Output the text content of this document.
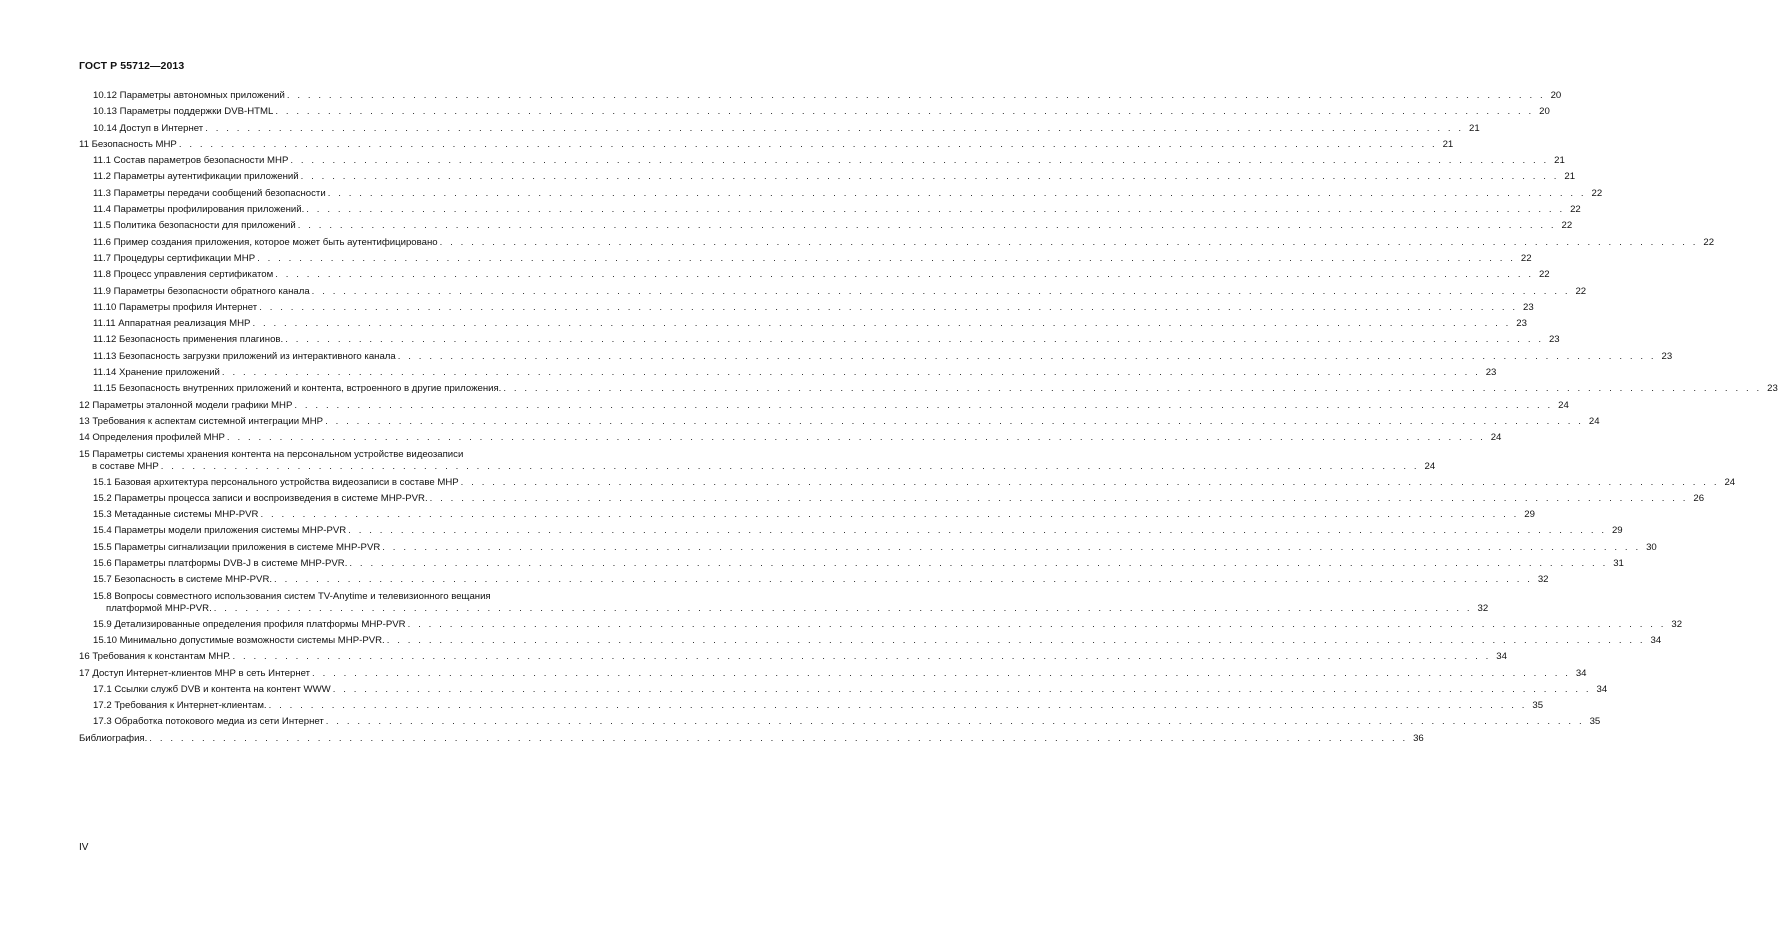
ГОСТ Р 55712—2013
10.12 Параметры автономных приложений . . . . . . . . . . . . . . . . . . . . . . . . . . . . . . . . . . . . . . . . . . . . . . . . . . . . . . . . . . . . . . . . . . . . . . . . . . . . . . . . . . . . . . . . . . . . . . . . . . . . . . . . . . . . . . . . . . . . . . . . 20
10.13 Параметры поддержки DVB-HTML . . . . . . . . . . . . . . . . . . . . . . . . . . . . . . . . . . . . . . . . . . . . . . . . . . . . . . . . . . . . . . . . . . . . . . . . . . . . . . . . . . . . . . . . . . . . . . . . . . . . . . . . . . . . . . . . . . . . . . . . 20
10.14 Доступ в Интернет . . . . . . . . . . . . . . . . . . . . . . . . . . . . . . . . . . . . . . . . . . . . . . . . . . . . . . . . . . . . . . . . . . . . . . . . . . . . . . . . . . . . . . . . . . . . . . . . . . . . . . . . . . . . . . . . . . . . . . . . 21
11 Безопасность МНР . . . . . . . . . . . . . . . . . . . . . . . . . . . . . . . . . . . . . . . . . . . . . . . . . . . . . . . . . . . . . . . . . . . . . . . . . . . . . . . . . . . . . . . . . . . . . . . . . . . . . . . . . . . . . . . . . . . . . . . . 21
11.1 Состав параметров безопасности МНР . . . . . . . . . . . . . . . . . . . . . . . . . . . . . . . . . . . . . . . . . . . . . . . . . . . . . . . . . . . . . . . . . . . . . . . . . . . . . . . . . . . . . . . . . . . . . . . . . . . . . . . . . . . . . . . . . . . . . . . . 21
11.2 Параметры аутентификации приложений . . . . . . . . . . . . . . . . . . . . . . . . . . . . . . . . . . . . . . . . . . . . . . . . . . . . . . . . . . . . . . . . . . . . . . . . . . . . . . . . . . . . . . . . . . . . . . . . . . . . . . . . . . . . . . . . . . . . . . . . 21
11.3 Параметры передачи сообщений безопасности . . . . . . . . . . . . . . . . . . . . . . . . . . . . . . . . . . . . . . . . . . . . . . . . . . . . . . . . . . . . . . . . . . . . . . . . . . . . . . . . . . . . . . . . . . . . . . . . . . . . . . . . . . . . . . . . . . . . . . . . 22
11.4 Параметры профилирования приложений. . . . . . . . . . . . . . . . . . . . . . . . . . . . . . . . . . . . . . . . . . . . . . . . . . . . . . . . . . . . . . . . . . . . . . . . . . . . . . . . . . . . . . . . . . . . . . . . . . . . . . . . . . . . . . . . . . . . . . . . . 22
11.5 Политика безопасности для приложений . . . . . . . . . . . . . . . . . . . . . . . . . . . . . . . . . . . . . . . . . . . . . . . . . . . . . . . . . . . . . . . . . . . . . . . . . . . . . . . . . . . . . . . . . . . . . . . . . . . . . . . . . . . . . . . . . . . . . . . . 22
11.6 Пример создания приложения, которое может быть аутентифицировано . . . . . . . . . . . . . . . . . . . . . . . . . . . . . . . . . . . . . . . . . . . . . . . . . . . . . . . . . . . . . . . . . . . . . . . . . . . . . . . . . . . . . . . . . . . . . . . . . . . . . . . . . . . . . . . . . . . . . . . . 22
11.7 Процедуры сертификации МНР . . . . . . . . . . . . . . . . . . . . . . . . . . . . . . . . . . . . . . . . . . . . . . . . . . . . . . . . . . . . . . . . . . . . . . . . . . . . . . . . . . . . . . . . . . . . . . . . . . . . . . . . . . . . . . . . . . . . . . . . 22
11.8 Процесс управления сертификатом . . . . . . . . . . . . . . . . . . . . . . . . . . . . . . . . . . . . . . . . . . . . . . . . . . . . . . . . . . . . . . . . . . . . . . . . . . . . . . . . . . . . . . . . . . . . . . . . . . . . . . . . . . . . . . . . . . . . . . . . 22
11.9 Параметры безопасности обратного канала . . . . . . . . . . . . . . . . . . . . . . . . . . . . . . . . . . . . . . . . . . . . . . . . . . . . . . . . . . . . . . . . . . . . . . . . . . . . . . . . . . . . . . . . . . . . . . . . . . . . . . . . . . . . . . . . . . . . . . . . 22
11.10 Параметры профиля Интернет . . . . . . . . . . . . . . . . . . . . . . . . . . . . . . . . . . . . . . . . . . . . . . . . . . . . . . . . . . . . . . . . . . . . . . . . . . . . . . . . . . . . . . . . . . . . . . . . . . . . . . . . . . . . . . . . . . . . . . . . 23
11.11 Аппаратная реализация МНР . . . . . . . . . . . . . . . . . . . . . . . . . . . . . . . . . . . . . . . . . . . . . . . . . . . . . . . . . . . . . . . . . . . . . . . . . . . . . . . . . . . . . . . . . . . . . . . . . . . . . . . . . . . . . . . . . . . . . . . . 23
11.12 Безопасность применения плагинов. . . . . . . . . . . . . . . . . . . . . . . . . . . . . . . . . . . . . . . . . . . . . . . . . . . . . . . . . . . . . . . . . . . . . . . . . . . . . . . . . . . . . . . . . . . . . . . . . . . . . . . . . . . . . . . . . . . . . . . . . 23
11.13 Безопасность загрузки приложений из интерактивного канала . . . . . . . . . . . . . . . . . . . . . . . . . . . . . . . . . . . . . . . . . . . . . . . . . . . . . . . . . . . . . . . . . . . . . . . . . . . . . . . . . . . . . . . . . . . . . . . . . . . . . . . . . . . . . . . . . . . . . . . . 23
11.14 Хранение приложений . . . . . . . . . . . . . . . . . . . . . . . . . . . . . . . . . . . . . . . . . . . . . . . . . . . . . . . . . . . . . . . . . . . . . . . . . . . . . . . . . . . . . . . . . . . . . . . . . . . . . . . . . . . . . . . . . . . . . . . . 23
11.15 Безопасность внутренних приложений и контента, встроенного в другие приложения. . . . . . . . . . . . . . . . . . . . . . . . . . . . . . . . . . . . . . . . . . . . . . . . . . . . . . . . . . . . . . . . . . . . . . . . . . . . . . . . . . . . . . . . . . . . . . . . . . . . . . . . . . . . . . . . . . . . . . . . . 23
12 Параметры эталонной модели графики МНР . . . . . . . . . . . . . . . . . . . . . . . . . . . . . . . . . . . . . . . . . . . . . . . . . . . . . . . . . . . . . . . . . . . . . . . . . . . . . . . . . . . . . . . . . . . . . . . . . . . . . . . . . . . . . . . . . . . . . . . . 24
13 Требования к аспектам системной интеграции МНР . . . . . . . . . . . . . . . . . . . . . . . . . . . . . . . . . . . . . . . . . . . . . . . . . . . . . . . . . . . . . . . . . . . . . . . . . . . . . . . . . . . . . . . . . . . . . . . . . . . . . . . . . . . . . . . . . . . . . . . . 24
14 Определения профилей МНР . . . . . . . . . . . . . . . . . . . . . . . . . . . . . . . . . . . . . . . . . . . . . . . . . . . . . . . . . . . . . . . . . . . . . . . . . . . . . . . . . . . . . . . . . . . . . . . . . . . . . . . . . . . . . . . . . . . . . . . . 24
15 Параметры системы хранения контента на персональном устройстве видеозаписи
в составе МНР . . . . . . . . . . . . . . . . . . . . . . . . . . . . . . . . . . . . . . . . . . . . . . . . . . . . . . . . . . . . . . . . . . . . . . . . . . . . . . . . . . . . . . . . . . . . . . . . . . . . . . . . . . . . . . . . . . . . . . . . 24
15.1 Базовая архитектура персонального устройства видеозаписи в составе МНР . . . . . . . . . . . . . . . . . . . . . . . . . . . . . . . . . . . . . . . . . . . . . . . . . . . . . . . . . . . . . . . . . . . . . . . . . . . . . . . . . . . . . . . . . . . . . . . . . . . . . . . . . . . . . . . . . . . . . . . . 24
15.2 Параметры процесса записи и воспроизведения в системе MHP-PVR. . . . . . . . . . . . . . . . . . . . . . . . . . . . . . . . . . . . . . . . . . . . . . . . . . . . . . . . . . . . . . . . . . . . . . . . . . . . . . . . . . . . . . . . . . . . . . . . . . . . . . . . . . . . . . . . . . . . . . . . . 26
15.3 Метаданные системы MHP-PVR . . . . . . . . . . . . . . . . . . . . . . . . . . . . . . . . . . . . . . . . . . . . . . . . . . . . . . . . . . . . . . . . . . . . . . . . . . . . . . . . . . . . . . . . . . . . . . . . . . . . . . . . . . . . . . . . . . . . . . . . 29
15.4 Параметры модели приложения системы MHP-PVR . . . . . . . . . . . . . . . . . . . . . . . . . . . . . . . . . . . . . . . . . . . . . . . . . . . . . . . . . . . . . . . . . . . . . . . . . . . . . . . . . . . . . . . . . . . . . . . . . . . . . . . . . . . . . . . . . . . . . . . . 29
15.5 Параметры сигнализации приложения в системе MHP-PVR . . . . . . . . . . . . . . . . . . . . . . . . . . . . . . . . . . . . . . . . . . . . . . . . . . . . . . . . . . . . . . . . . . . . . . . . . . . . . . . . . . . . . . . . . . . . . . . . . . . . . . . . . . . . . . . . . . . . . . . . 30
15.6 Параметры платформы DVB-J в системе MHP-PVR. . . . . . . . . . . . . . . . . . . . . . . . . . . . . . . . . . . . . . . . . . . . . . . . . . . . . . . . . . . . . . . . . . . . . . . . . . . . . . . . . . . . . . . . . . . . . . . . . . . . . . . . . . . . . . . . . . . . . . . . . 31
15.7 Безопасность в системе MHP-PVR. . . . . . . . . . . . . . . . . . . . . . . . . . . . . . . . . . . . . . . . . . . . . . . . . . . . . . . . . . . . . . . . . . . . . . . . . . . . . . . . . . . . . . . . . . . . . . . . . . . . . . . . . . . . . . . . . . . . . . . . . 32
15.8 Вопросы совместного использования систем TV-Anytime и телевизионного вещания
платформой MHP-PVR. . . . . . . . . . . . . . . . . . . . . . . . . . . . . . . . . . . . . . . . . . . . . . . . . . . . . . . . . . . . . . . . . . . . . . . . . . . . . . . . . . . . . . . . . . . . . . . . . . . . . . . . . . . . . . . . . . . . . . . . . 32
15.9 Детализированные определения профиля платформы MHP-PVR . . . . . . . . . . . . . . . . . . . . . . . . . . . . . . . . . . . . . . . . . . . . . . . . . . . . . . . . . . . . . . . . . . . . . . . . . . . . . . . . . . . . . . . . . . . . . . . . . . . . . . . . . . . . . . . . . . . . . . . . 32
15.10 Минимально допустимые возможности системы MHP-PVR. . . . . . . . . . . . . . . . . . . . . . . . . . . . . . . . . . . . . . . . . . . . . . . . . . . . . . . . . . . . . . . . . . . . . . . . . . . . . . . . . . . . . . . . . . . . . . . . . . . . . . . . . . . . . . . . . . . . . . . . . 34
16 Требования к константам МНР. . . . . . . . . . . . . . . . . . . . . . . . . . . . . . . . . . . . . . . . . . . . . . . . . . . . . . . . . . . . . . . . . . . . . . . . . . . . . . . . . . . . . . . . . . . . . . . . . . . . . . . . . . . . . . . . . . . . . . . . . 34
17 Доступ Интернет-клиентов МНР в сеть Интернет . . . . . . . . . . . . . . . . . . . . . . . . . . . . . . . . . . . . . . . . . . . . . . . . . . . . . . . . . . . . . . . . . . . . . . . . . . . . . . . . . . . . . . . . . . . . . . . . . . . . . . . . . . . . . . . . . . . . . . . . 34
17.1 Ссылки служб DVB и контента на контент WWW . . . . . . . . . . . . . . . . . . . . . . . . . . . . . . . . . . . . . . . . . . . . . . . . . . . . . . . . . . . . . . . . . . . . . . . . . . . . . . . . . . . . . . . . . . . . . . . . . . . . . . . . . . . . . . . . . . . . . . . . 34
17.2 Требования к Интернет-клиентам. . . . . . . . . . . . . . . . . . . . . . . . . . . . . . . . . . . . . . . . . . . . . . . . . . . . . . . . . . . . . . . . . . . . . . . . . . . . . . . . . . . . . . . . . . . . . . . . . . . . . . . . . . . . . . . . . . . . . . . . . 35
17.3 Обработка потокового медиа из сети Интернет . . . . . . . . . . . . . . . . . . . . . . . . . . . . . . . . . . . . . . . . . . . . . . . . . . . . . . . . . . . . . . . . . . . . . . . . . . . . . . . . . . . . . . . . . . . . . . . . . . . . . . . . . . . . . . . . . . . . . . . . 35
Библиография. . . . . . . . . . . . . . . . . . . . . . . . . . . . . . . . . . . . . . . . . . . . . . . . . . . . . . . . . . . . . . . . . . . . . . . . . . . . . . . . . . . . . . . . . . . . . . . . . . . . . . . . . . . . . . . . . . . . . . . . . 36
IV
